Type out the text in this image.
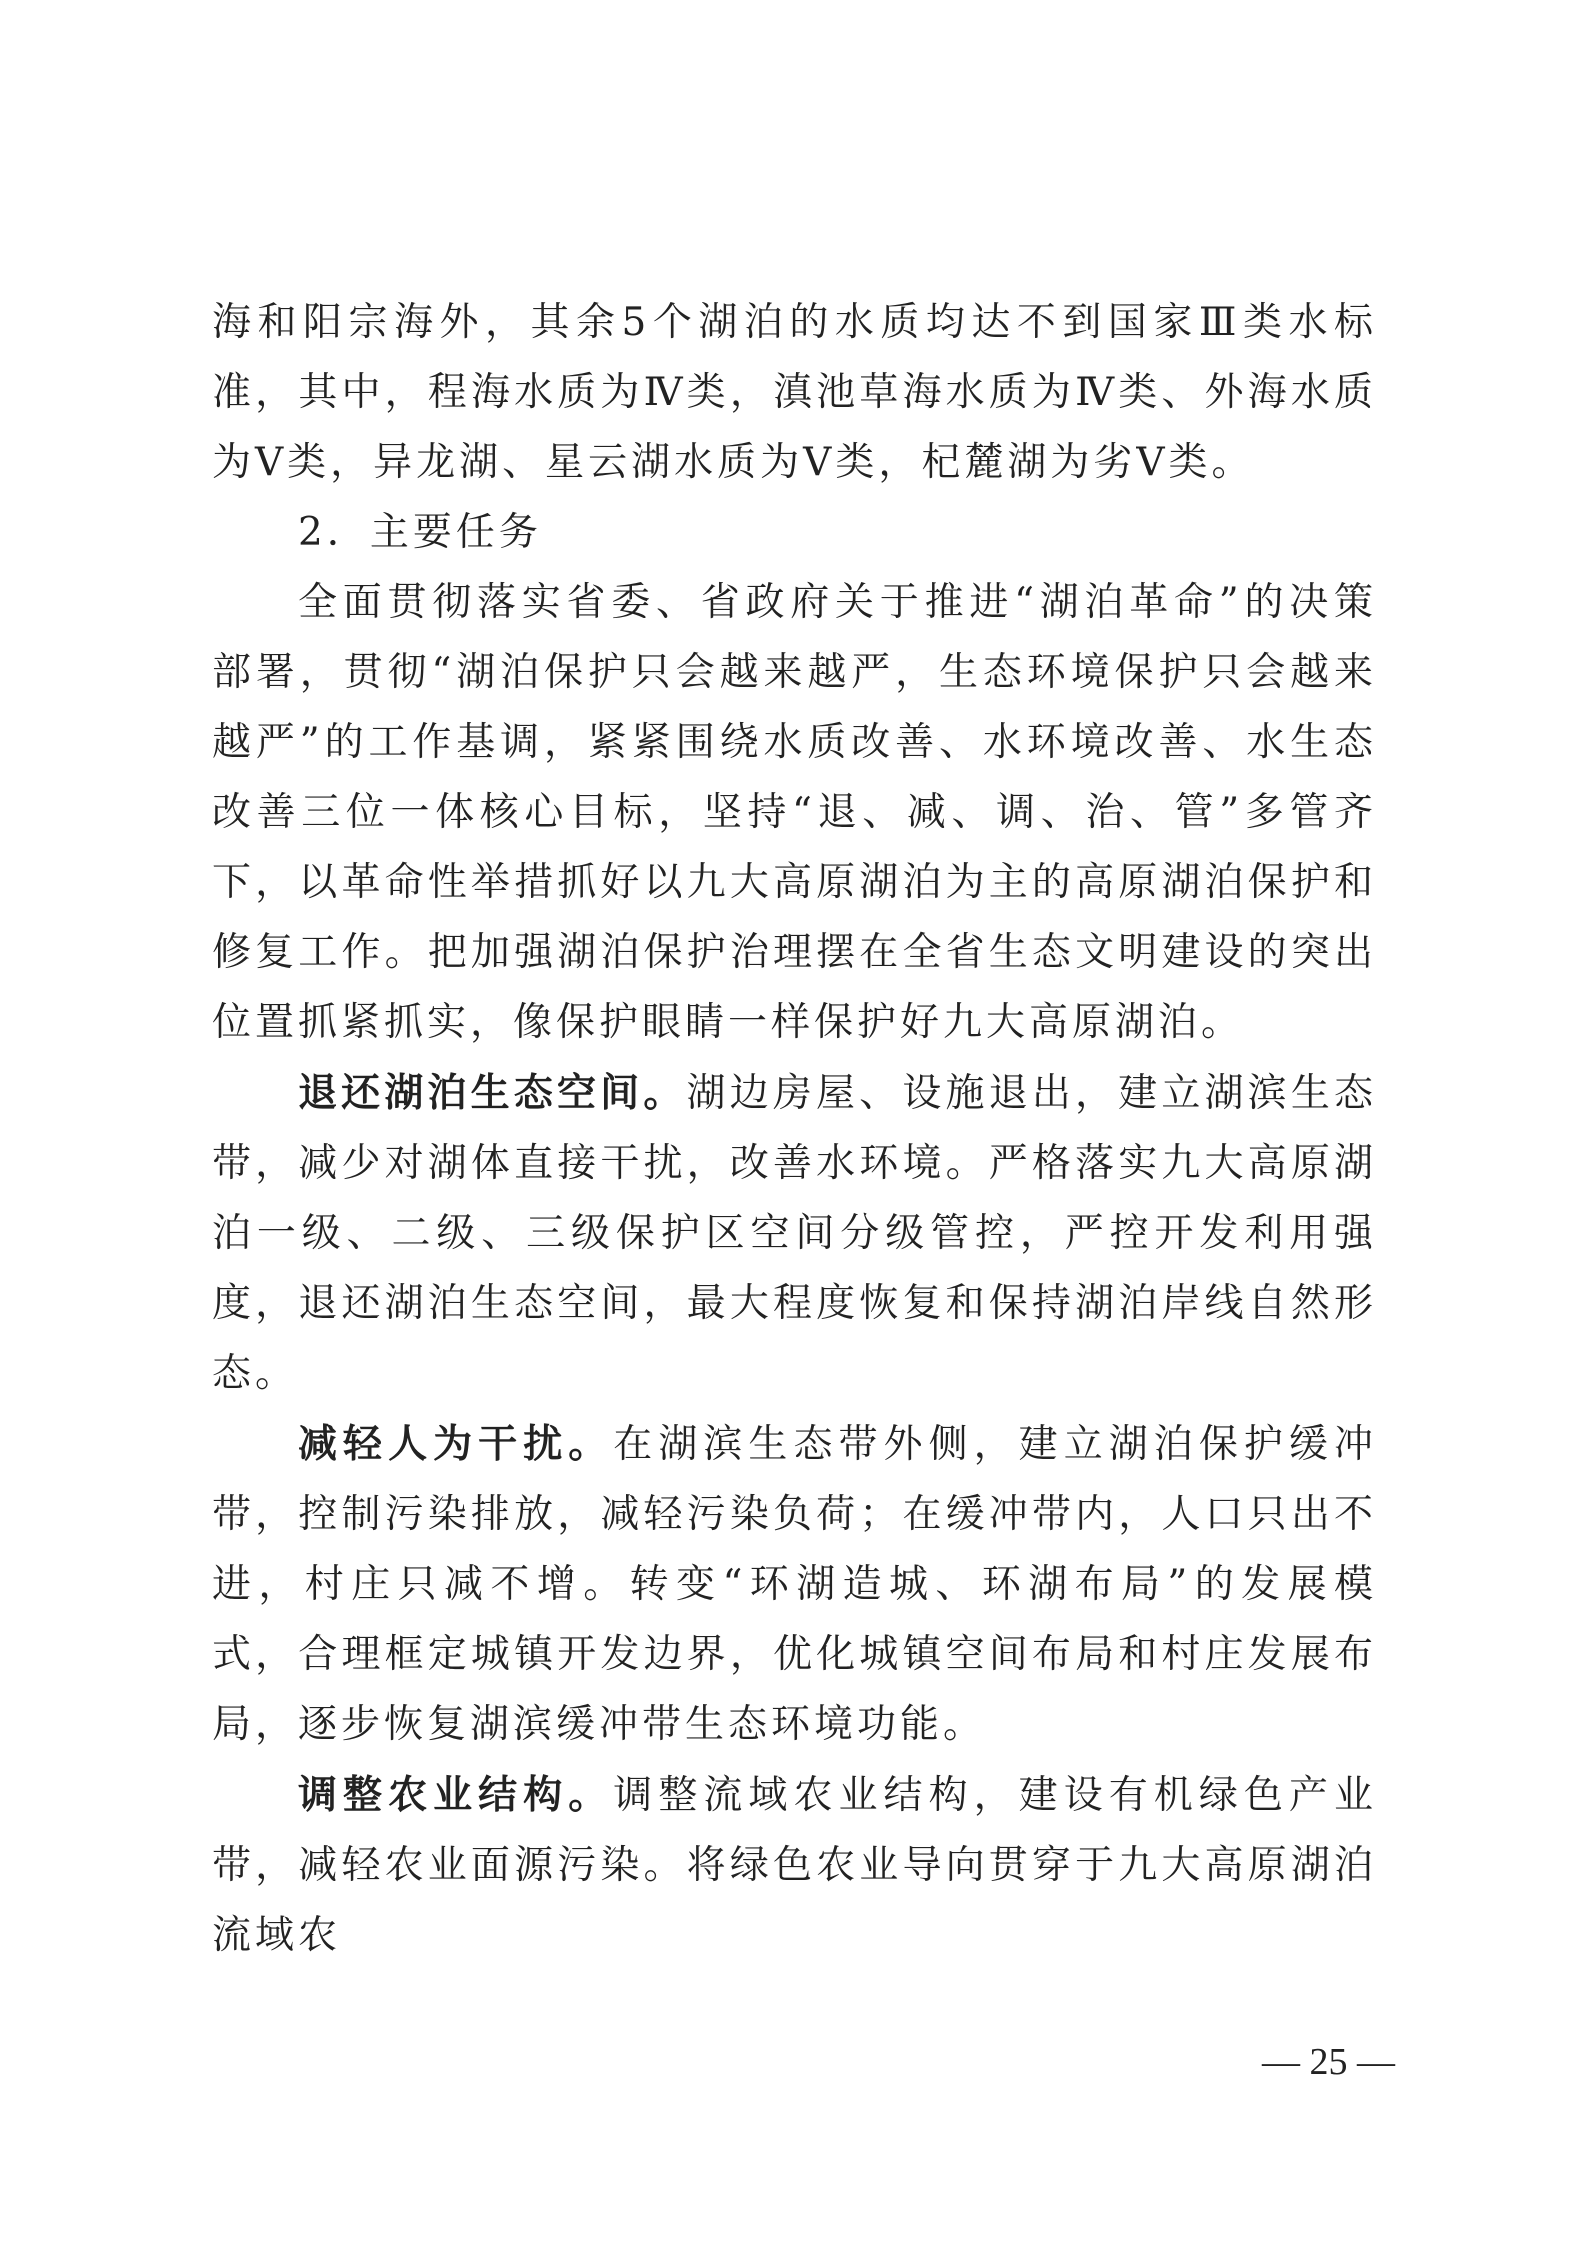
海和阳宗海外，其余5个湖泊的水质均达不到国家Ⅲ类水标准，其中，程海水质为Ⅳ类，滇池草海水质为Ⅳ类、外海水质为Ⅴ类，异龙湖、星云湖水质为Ⅴ类，杞麓湖为劣Ⅴ类。

2．主要任务

全面贯彻落实省委、省政府关于推进“湖泊革命”的决策部署，贯彻“湖泊保护只会越来越严，生态环境保护只会越来越严”的工作基调，紧紧围绕水质改善、水环境改善、水生态改善三位一体核心目标，坚持“退、减、调、治、管”多管齐下，以革命性举措抓好以九大高原湖泊为主的高原湖泊保护和修复工作。把加强湖泊保护治理摆在全省生态文明建设的突出位置抓紧抓实，像保护眼睛一样保护好九大高原湖泊。

退还湖泊生态空间。湖边房屋、设施退出，建立湖滨生态带，减少对湖体直接干扰，改善水环境。严格落实九大高原湖泊一级、二级、三级保护区空间分级管控，严控开发利用强度，退还湖泊生态空间，最大程度恢复和保持湖泊岸线自然形态。

减轻人为干扰。在湖滨生态带外侧，建立湖泊保护缓冲带，控制污染排放，减轻污染负荷；在缓冲带内，人口只出不进，村庄只减不增。转变“环湖造城、环湖布局”的发展模式，合理框定城镇开发边界，优化城镇空间布局和村庄发展布局，逐步恢复湖滨缓冲带生态环境功能。

调整农业结构。调整流域农业结构，建设有机绿色产业带，减轻农业面源污染。将绿色农业导向贯穿于九大高原湖泊流域农

— 25 —
